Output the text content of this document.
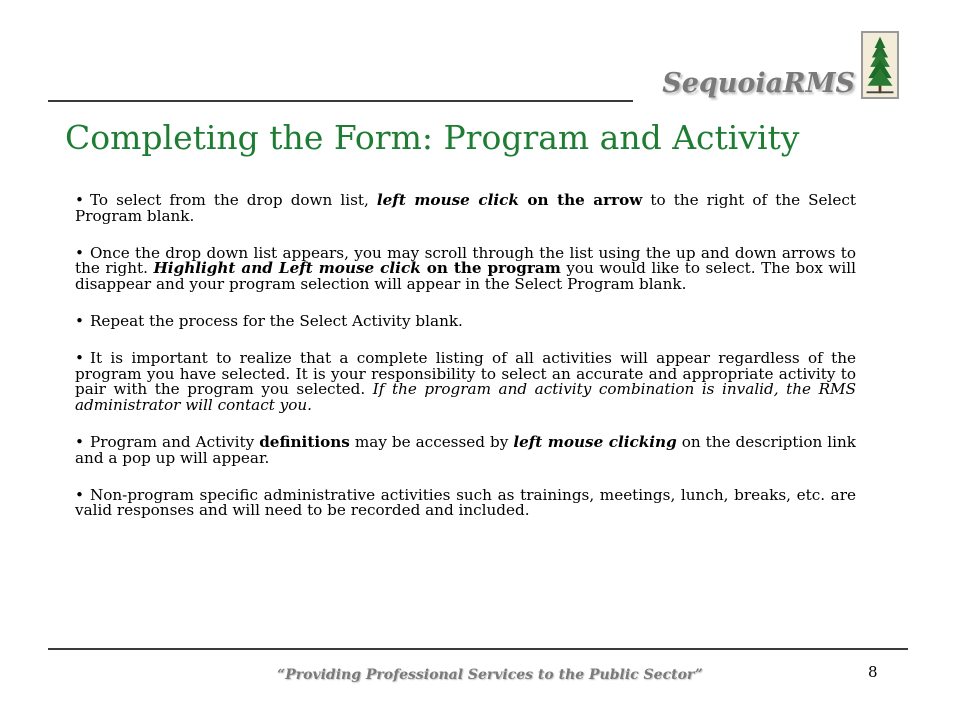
SequoiaRMS
Completing the Form: Program and Activity

• To select from the drop down list, left mouse click on the arrow to the right of the Select Program blank.

• Once the drop down list appears, you may scroll through the list using the up and down arrows to the right. Highlight and Left mouse click on the program you would like to select. The box will disappear and your program selection will appear in the Select Program blank.

• Repeat the process for the Select Activity blank.

• It is important to realize that a complete listing of all activities will appear regardless of the program you have selected. It is your responsibility to select an accurate and appropriate activity to pair with the program you selected. If the program and activity combination is invalid, the RMS administrator will contact you.

• Program and Activity definitions may be accessed by left mouse clicking on the description link and a pop up will appear.

• Non-program specific administrative activities such as trainings, meetings, lunch, breaks, etc. are valid responses and will need to be recorded and included.

“Providing Professional Services to the Public Sector”	8
